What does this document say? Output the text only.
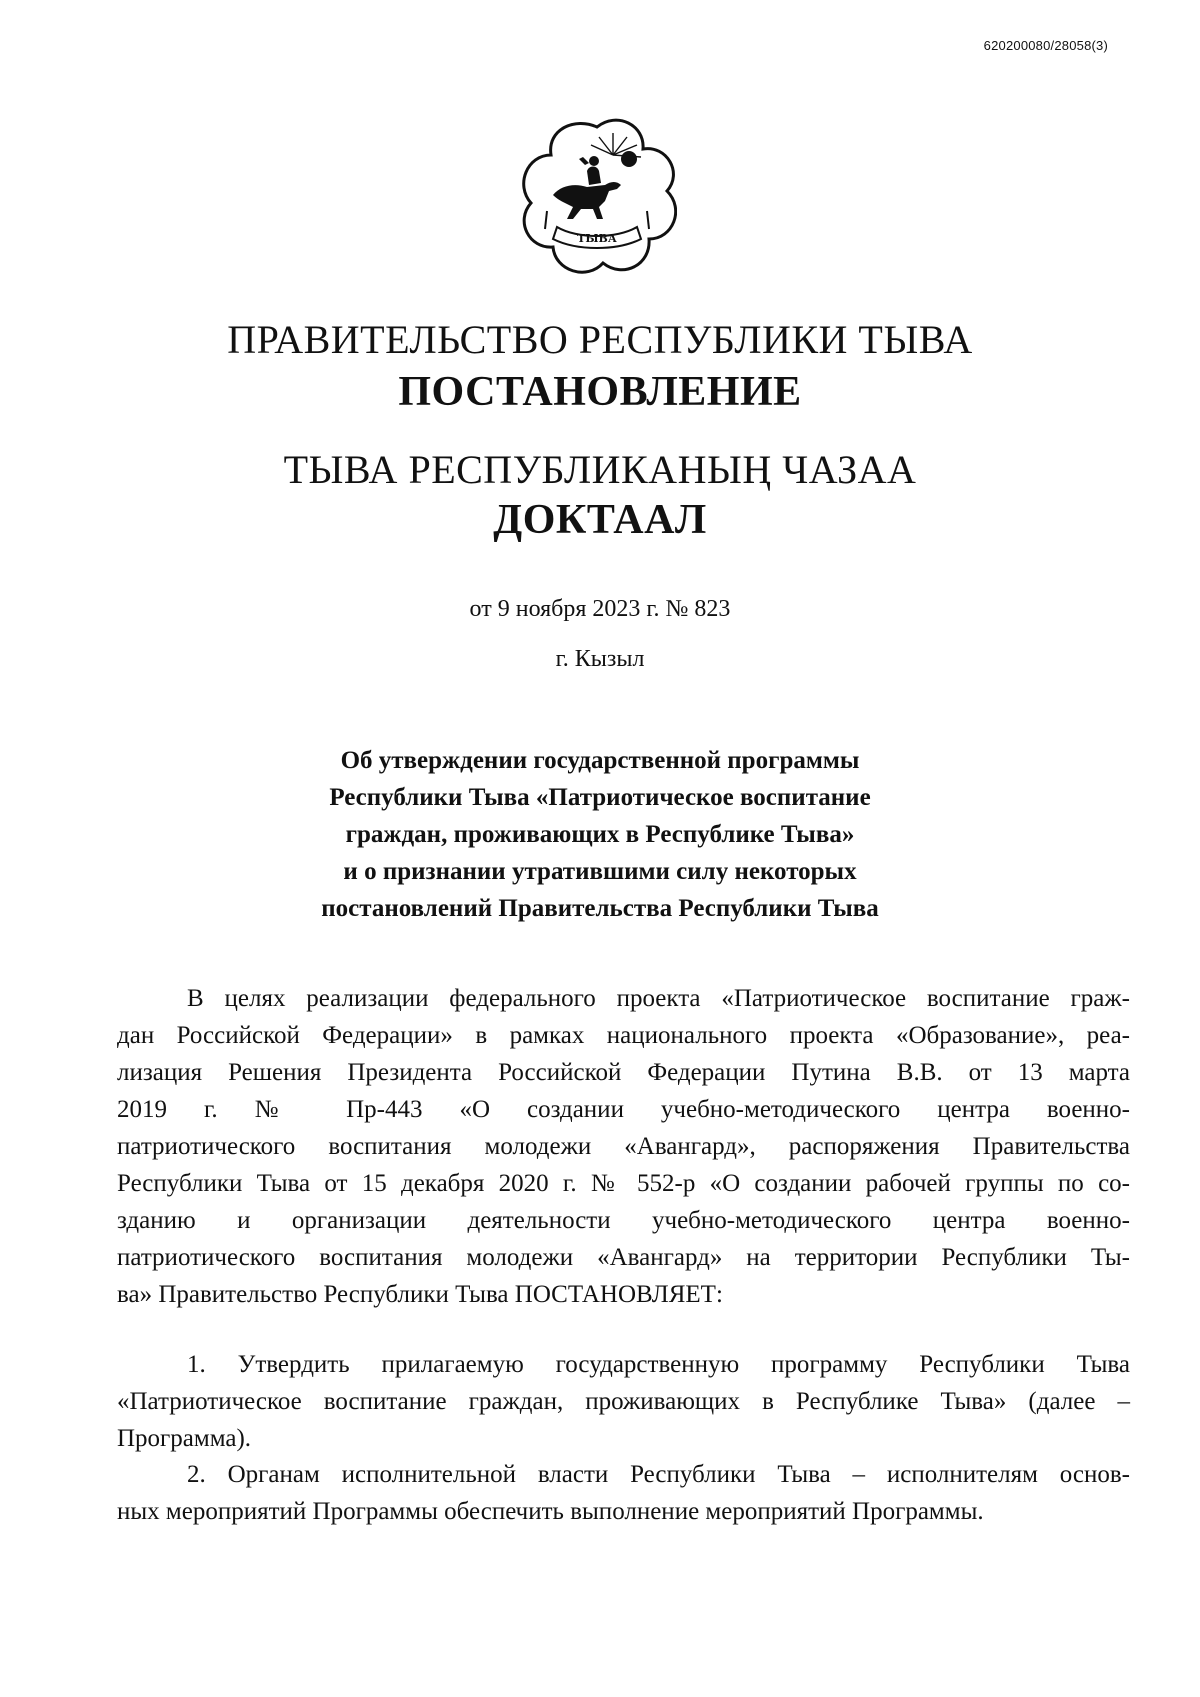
620200080/28058(3)
ТЫВА
ПРАВИТЕЛЬСТВО РЕСПУБЛИКИ ТЫВА
ПОСТАНОВЛЕНИЕ
ТЫВА РЕСПУБЛИКАНЫҢ ЧАЗАА
ДОКТААЛ
от 9 ноября 2023 г. № 823
г. Кызыл
Об утверждении государственной программы
Республики Тыва «Патриотическое воспитание
граждан, проживающих в Республике Тыва»
и о признании утратившими силу некоторых
постановлений Правительства Республики Тыва
В целях реализации федерального проекта «Патриотическое воспитание граж-
дан Российской Федерации» в рамках национального проекта «Образование», реа-
лизация Решения Президента Российской Федерации Путина В.В. от 13 марта
2019 г. № Пр-443 «О создании учебно-методического центра военно-
патриотического воспитания молодежи «Авангард», распоряжения Правительства
Республики Тыва от 15 декабря 2020 г. № 552-р «О создании рабочей группы по со-
зданию и организации деятельности учебно-методического центра военно-
патриотического воспитания молодежи «Авангард» на территории Республики Ты-
ва» Правительство Республики Тыва ПОСТАНОВЛЯЕТ:
1. Утвердить прилагаемую государственную программу Республики Тыва
«Патриотическое воспитание граждан, проживающих в Республике Тыва» (далее –
Программа).
2. Органам исполнительной власти Республики Тыва – исполнителям основ-
ных мероприятий Программы обеспечить выполнение мероприятий Программы.
